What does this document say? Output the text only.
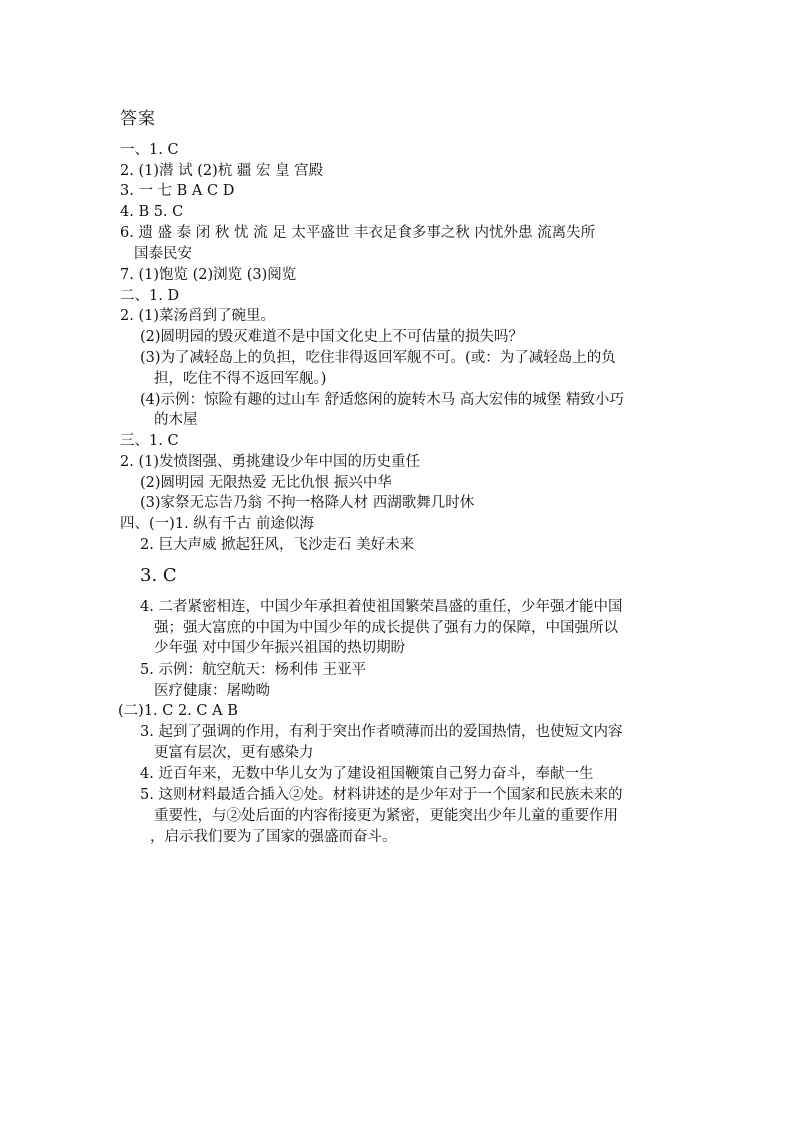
答案
一、1. C
2. (1)潜 试 (2)杭 疆 宏 皇 宫殿
3. 一 七 B A C D
4. B 5. C
6. 遗 盛 泰 闭 秋 忧 流 足 太平盛世 丰衣足食多事之秋 内忧外患 流离失所
国泰民安
7. (1)饱览 (2)浏览 (3)阅览
二、1. D
2. (1)菜汤舀到了碗里。
(2)圆明园的毁灭难道不是中国文化史上不可估量的损失吗？
(3)为了减轻岛上的负担，吃住非得返回军舰不可。(或：为了减轻岛上的负
担，吃住不得不返回军舰。)
(4)示例：惊险有趣的过山车 舒适悠闲的旋转木马 高大宏伟的城堡 精致小巧
的木屋
三、1. C
2. (1)发愤图强、勇挑建设少年中国的历史重任
(2)圆明园 无限热爱 无比仇恨 振兴中华
(3)家祭无忘告乃翁 不拘一格降人材 西湖歌舞几时休
四、(一)1. 纵有千古 前途似海
2. 巨大声威 掀起狂风，飞沙走石 美好未来
3. C
4. 二者紧密相连，中国少年承担着使祖国繁荣昌盛的重任，少年强才能中国
强；强大富庶的中国为中国少年的成长提供了强有力的保障，中国强所以
少年强 对中国少年振兴祖国的热切期盼
5. 示例：航空航天：杨利伟 王亚平
医疗健康：屠呦呦
(二)1. C 2. C A B
3. 起到了强调的作用，有利于突出作者喷薄而出的爱国热情，也使短文内容
更富有层次，更有感染力
4. 近百年来，无数中华儿女为了建设祖国鞭策自己努力奋斗，奉献一生
5. 这则材料最适合插入②处。材料讲述的是少年对于一个国家和民族未来的
重要性，与②处后面的内容衔接更为紧密，更能突出少年儿童的重要作用
，启示我们要为了国家的强盛而奋斗。
